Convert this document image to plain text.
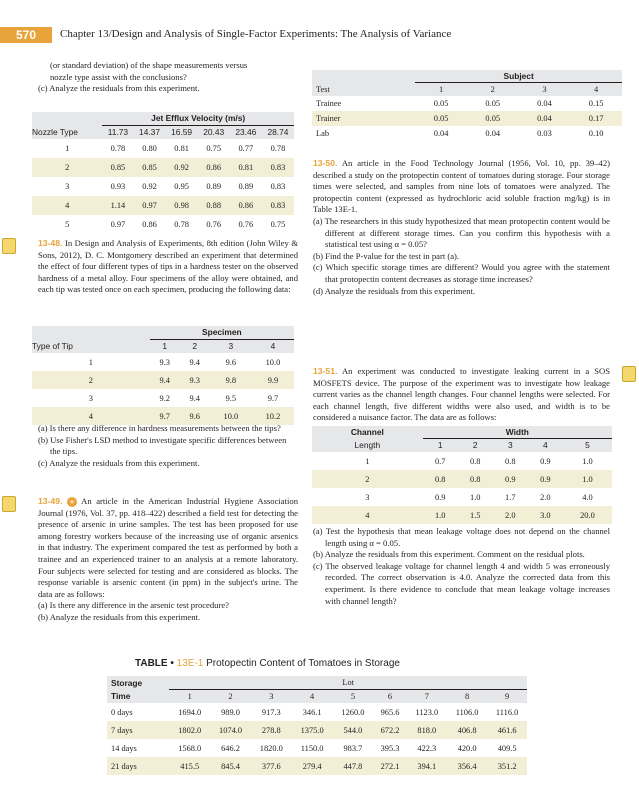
570	Chapter 13/Design and Analysis of Single-Factor Experiments: The Analysis of Variance
(or standard deviation) of the shape measurements versus
nozzle type assist with the conclusions?
(c) Analyze the residuals from this experiment.
	Jet Efflux Velocity (m/s)					
Nozzle Type	11.73	14.37	16.59	20.43	23.46	28.74
1	0.78	0.80	0.81	0.75	0.77	0.78
2	0.85	0.85	0.92	0.86	0.81	0.83
3	0.93	0.92	0.95	0.89	0.89	0.83
4	1.14	0.97	0.98	0.88	0.86	0.83
5	0.97	0.86	0.78	0.76	0.76	0.75
13-48. In Design and Analysis of Experiments, 8th edition (John Wiley & Sons, 2012), D. C. Montgomery described an experiment that determined the effect of four different types of tips in a hardness tester on the observed hardness of a metal alloy. Four specimens of the alloy were obtained, and each tip was tested once on each specimen, producing the following data:
	Specimen			
Type of Tip	1	2	3	4
1	9.3	9.4	9.6	10.0
2	9.4	9.3	9.8	9.9
3	9.2	9.4	9.5	9.7
4	9.7	9.6	10.0	10.2
(a) Is there any difference in hardness measurements between the tips?
(b) Use Fisher's LSD method to investigate specific differences between the tips.
(c) Analyze the residuals from this experiment.
13-49. + An article in the American Industrial Hygiene Association Journal (1976, Vol. 37, pp. 418–422) described a field test for detecting the presence of arsenic in urine samples. The test has been proposed for use among forestry workers because of the increasing use of organic arsenics in that industry. The experiment compared the test as performed by both a trainee and an experienced trainer to an analysis at a remote laboratory. Four subjects were selected for testing and are considered as blocks. The response variable is arsenic content (in ppm) in the subject's urine. The data are as follows:
(a) Is there any difference in the arsenic test procedure?
(b) Analyze the residuals from this experiment.
	Subject			
Test	1	2	3	4
Trainee	0.05	0.05	0.04	0.15
Trainer	0.05	0.05	0.04	0.17
Lab	0.04	0.04	0.03	0.10
13-50. An article in the Food Technology Journal (1956, Vol. 10, pp. 39–42) described a study on the protopectin content of tomatoes during storage. Four storage times were selected, and samples from nine lots of tomatoes were analyzed. The protopectin content (expressed as hydrochloric acid soluble fraction mg/kg) is in Table 13E-1.
(a) The researchers in this study hypothesized that mean protopectin content would be different at different storage times. Can you confirm this hypothesis with a statistical test using α = 0.05?
(b) Find the P-value for the test in part (a).
(c) Which specific storage times are different? Would you agree with the statement that protopectin content decreases as storage time increases?
(d) Analyze the residuals from this experiment.
13-51. An experiment was conducted to investigate leaking current in a SOS MOSFETS device. The purpose of the experiment was to investigate how leakage current varies as the channel length changes. Four channel lengths were selected. For each channel length, five different widths were also used, and width is to be considered a nuisance factor. The data are as follows:
Channel	Width				
Length	1	2	3	4	5
1	0.7	0.8	0.8	0.9	1.0
2	0.8	0.8	0.9	0.9	1.0
3	0.9	1.0	1.7	2.0	4.0
4	1.0	1.5	2.0	3.0	20.0
(a) Test the hypothesis that mean leakage voltage does not depend on the channel length using α = 0.05.
(b) Analyze the residuals from this experiment. Comment on the residual plots.
(c) The observed leakage voltage for channel length 4 and width 5 was erroneously recorded. The correct observation is 4.0. Analyze the corrected data from this experiment. Is there evidence to conclude that mean leakage voltage increases with channel length?
TABLE • 13E-1 Protopectin Content of Tomatoes in Storage
Storage	Lot								
Time	1	2	3	4	5	6	7	8	9
0 days	1694.0	989.0	917.3	346.1	1260.0	965.6	1123.0	1106.0	1116.0
7 days	1802.0	1074.0	278.8	1375.0	544.0	672.2	818.0	406.8	461.6
14 days	1568.0	646.2	1820.0	1150.0	983.7	395.3	422.3	420.0	409.5
21 days	415.5	845.4	377.6	279.4	447.8	272.1	394.1	356.4	351.2
